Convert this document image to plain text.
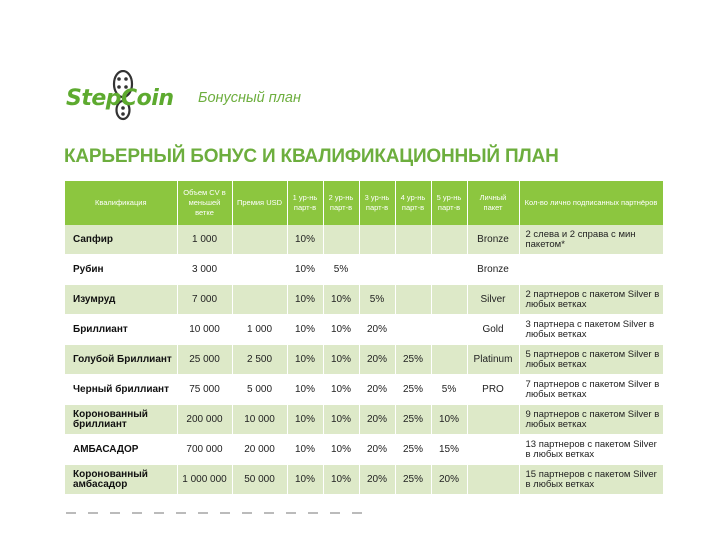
StepCoin Бонусный план
КАРЬЕРНЫЙ БОНУС И КВАЛИФИКАЦИОННЫЙ ПЛАН
Квалификация	Объем CV в меньшей ветке	Премия USD	1 ур-нь парт-в	2 ур-нь парт-в	3 ур-нь парт-в	4 ур-нь парт-в	5 ур-нь парт-в	Личный пакет	Кол-во лично подписанных партнёров
Сапфир	1 000		10%					Bronze	2 слева и 2 справа с мин пакетом*
Рубин	3 000		10%	5%				Bronze	
Изумруд	7 000		10%	10%	5%			Silver	2 партнеров с пакетом Silver в любых ветках
Бриллиант	10 000	1 000	10%	10%	20%			Gold	3 партнера с пакетом Silver в любых ветках
Голубой Бриллиант	25 000	2 500	10%	10%	20%	25%		Platinum	5 партнеров с пакетом Silver в любых ветках
Черный бриллиант	75 000	5 000	10%	10%	20%	25%	5%	PRO	7 партнеров с пакетом Silver в любых ветках
Коронованный бриллиант	200 000	10 000	10%	10%	20%	25%	10%		9 партнеров с пакетом Silver в любых ветках
АМБАСАДОР	700 000	20 000	10%	10%	20%	25%	15%		13 партнеров с пакетом Silver в любых ветках
Коронованный амбасадор	1 000 000	50 000	10%	10%	20%	25%	20%		15 партнеров с пакетом Silver в любых ветках
